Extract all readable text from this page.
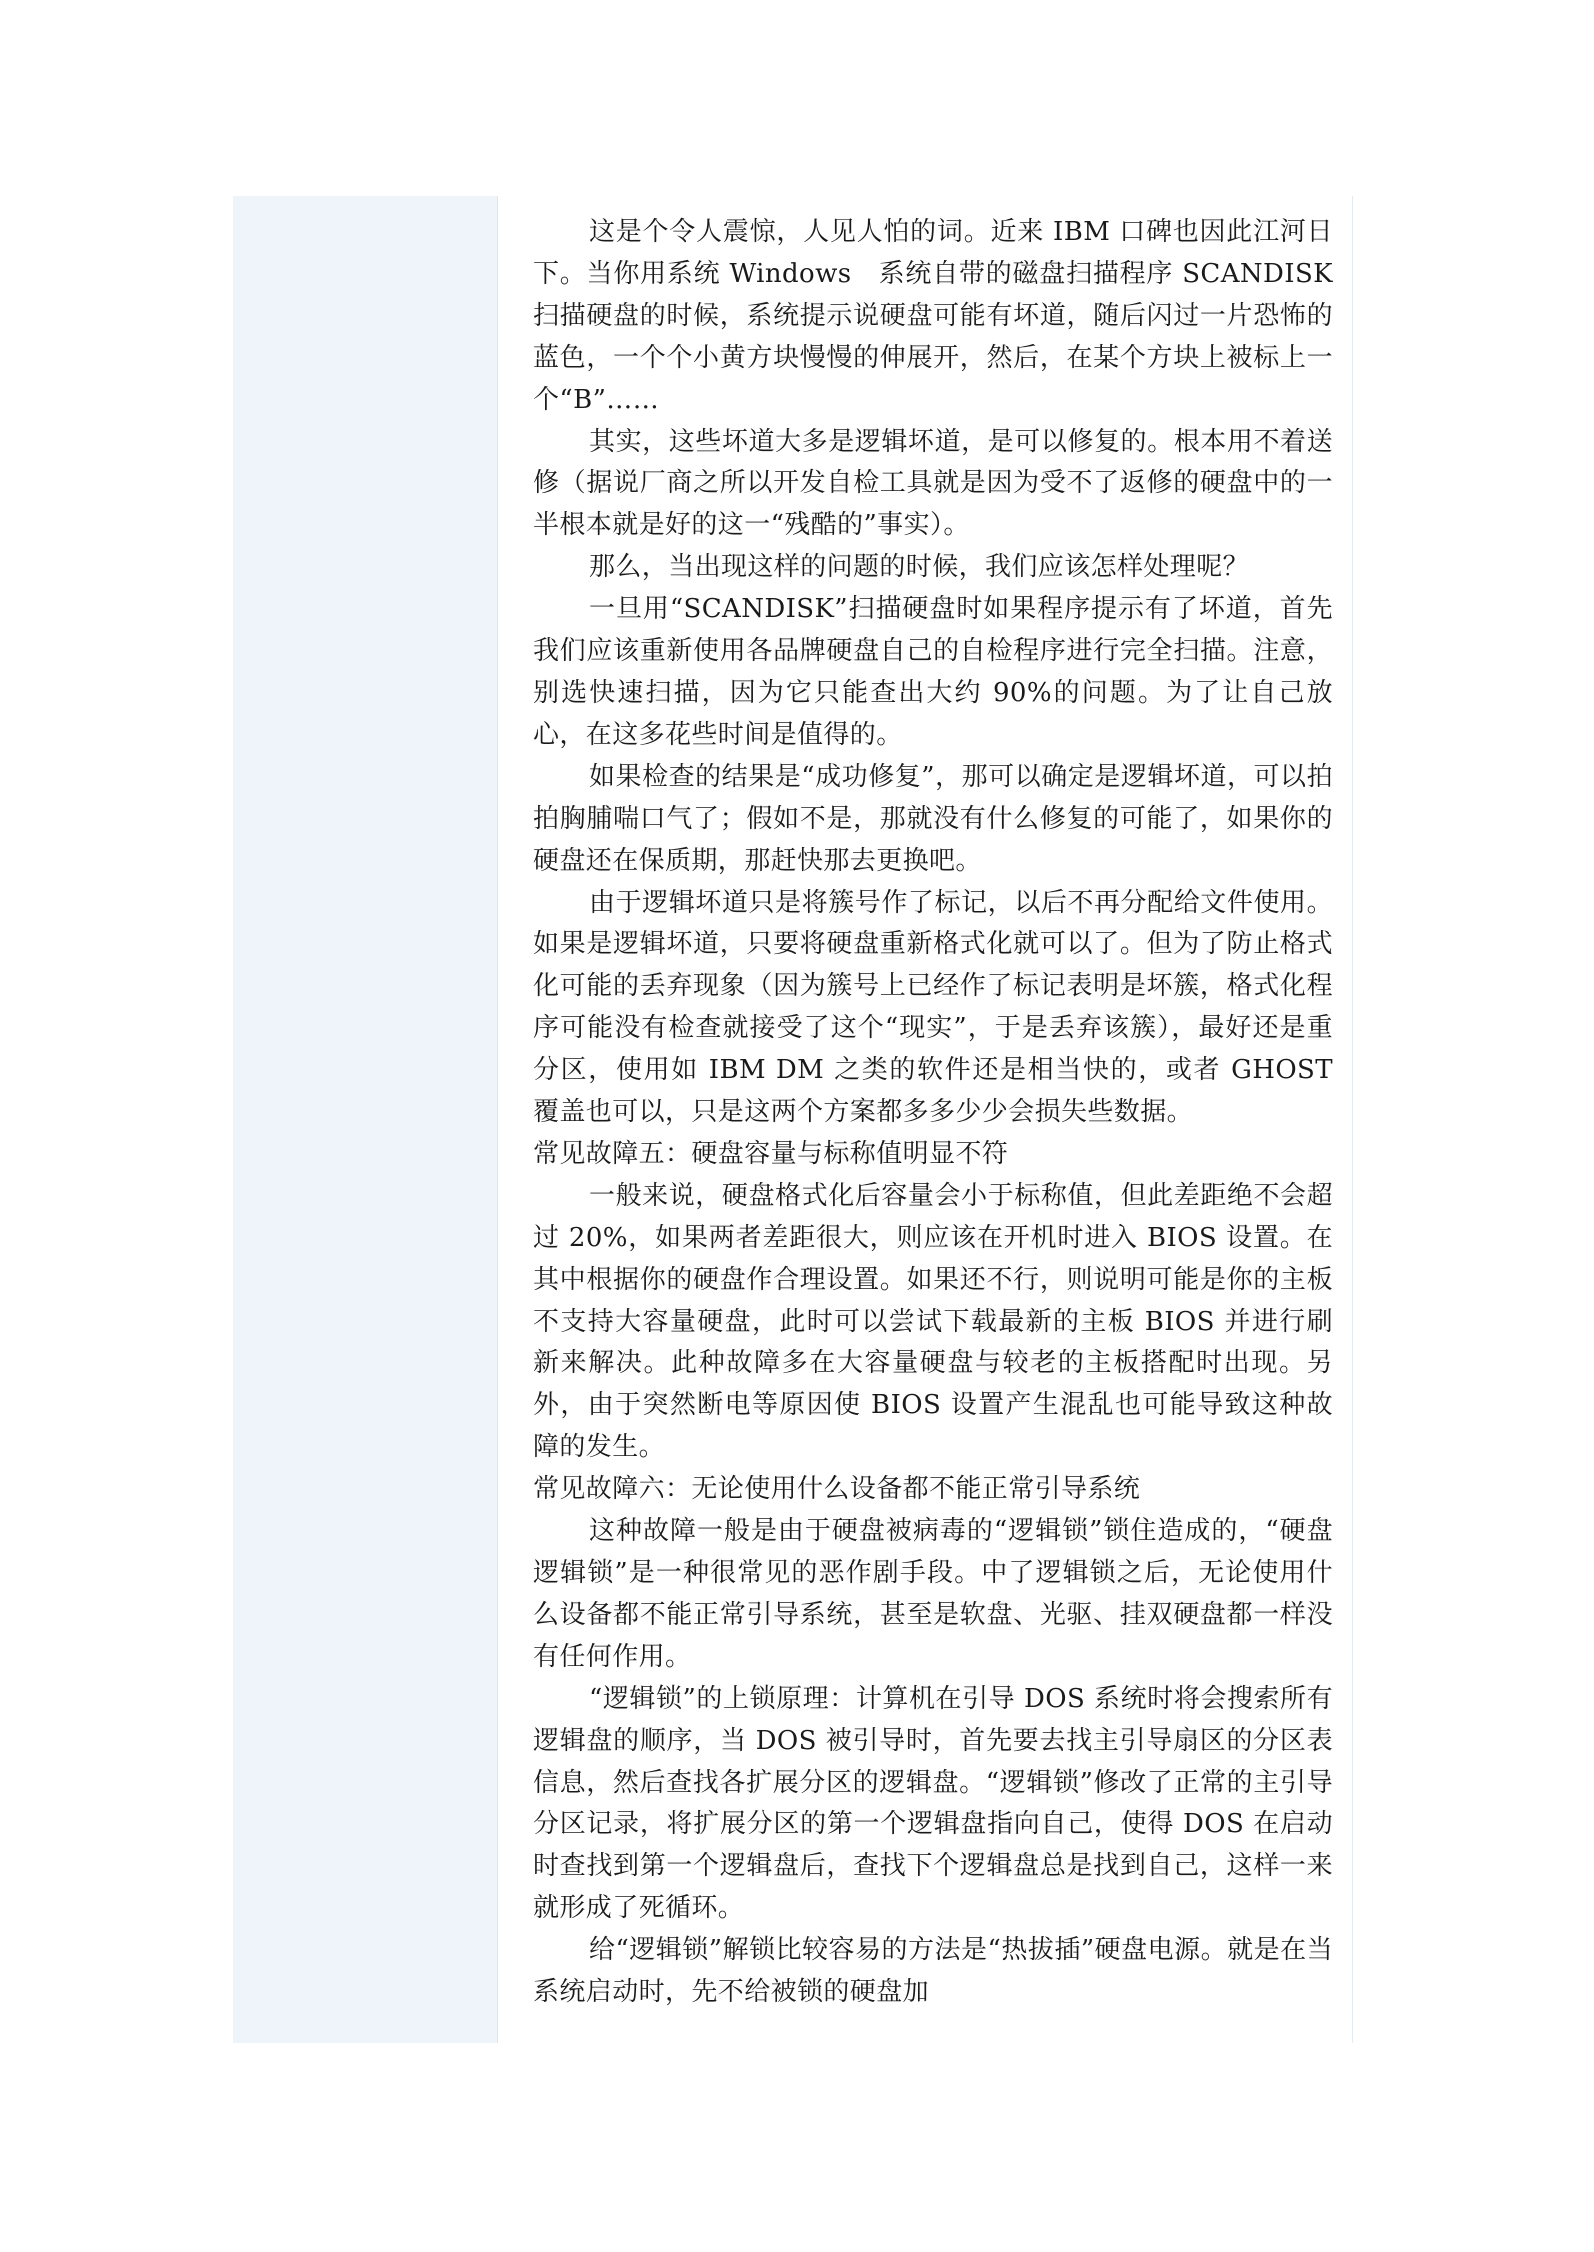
这是个令人震惊，人见人怕的词。近来 IBM 口碑也因此江河日下。当你用系统 Windows　系统自带的磁盘扫描程序 SCANDISK 扫描硬盘的时候，系统提示说硬盘可能有坏道，随后闪过一片恐怖的蓝色，一个个小黄方块慢慢的伸展开，然后，在某个方块上被标上一个“B”……

其实，这些坏道大多是逻辑坏道，是可以修复的。根本用不着送修（据说厂商之所以开发自检工具就是因为受不了返修的硬盘中的一半根本就是好的这一“残酷的”事实）。

那么，当出现这样的问题的时候，我们应该怎样处理呢？

一旦用“SCANDISK”扫描硬盘时如果程序提示有了坏道，首先我们应该重新使用各品牌硬盘自己的自检程序进行完全扫描。注意，别选快速扫描，因为它只能查出大约 90%的问题。为了让自己放心，在这多花些时间是值得的。

如果检查的结果是“成功修复”，那可以确定是逻辑坏道，可以拍拍胸脯喘口气了；假如不是，那就没有什么修复的可能了，如果你的硬盘还在保质期，那赶快那去更换吧。

由于逻辑坏道只是将簇号作了标记，以后不再分配给文件使用。如果是逻辑坏道，只要将硬盘重新格式化就可以了。但为了防止格式化可能的丢弃现象（因为簇号上已经作了标记表明是坏簇，格式化程序可能没有检查就接受了这个“现实”，于是丢弃该簇），最好还是重分区，使用如 IBM DM 之类的软件还是相当快的，或者 GHOST 覆盖也可以，只是这两个方案都多多少少会损失些数据。

常见故障五：硬盘容量与标称值明显不符

一般来说，硬盘格式化后容量会小于标称值，但此差距绝不会超过 20%，如果两者差距很大，则应该在开机时进入 BIOS 设置。在其中根据你的硬盘作合理设置。如果还不行，则说明可能是你的主板不支持大容量硬盘，此时可以尝试下载最新的主板 BIOS 并进行刷新来解决。此种故障多在大容量硬盘与较老的主板搭配时出现。另外，由于突然断电等原因使 BIOS 设置产生混乱也可能导致这种故障的发生。

常见故障六：无论使用什么设备都不能正常引导系统

这种故障一般是由于硬盘被病毒的“逻辑锁”锁住造成的，“硬盘逻辑锁”是一种很常见的恶作剧手段。中了逻辑锁之后，无论使用什么设备都不能正常引导系统，甚至是软盘、光驱、挂双硬盘都一样没有任何作用。

“逻辑锁”的上锁原理：计算机在引导 DOS 系统时将会搜索所有逻辑盘的顺序，当 DOS 被引导时，首先要去找主引导扇区的分区表信息，然后查找各扩展分区的逻辑盘。“逻辑锁”修改了正常的主引导分区记录，将扩展分区的第一个逻辑盘指向自己，使得 DOS 在启动时查找到第一个逻辑盘后，查找下个逻辑盘总是找到自己，这样一来就形成了死循环。

给“逻辑锁”解锁比较容易的方法是“热拔插”硬盘电源。就是在当系统启动时，先不给被锁的硬盘加
